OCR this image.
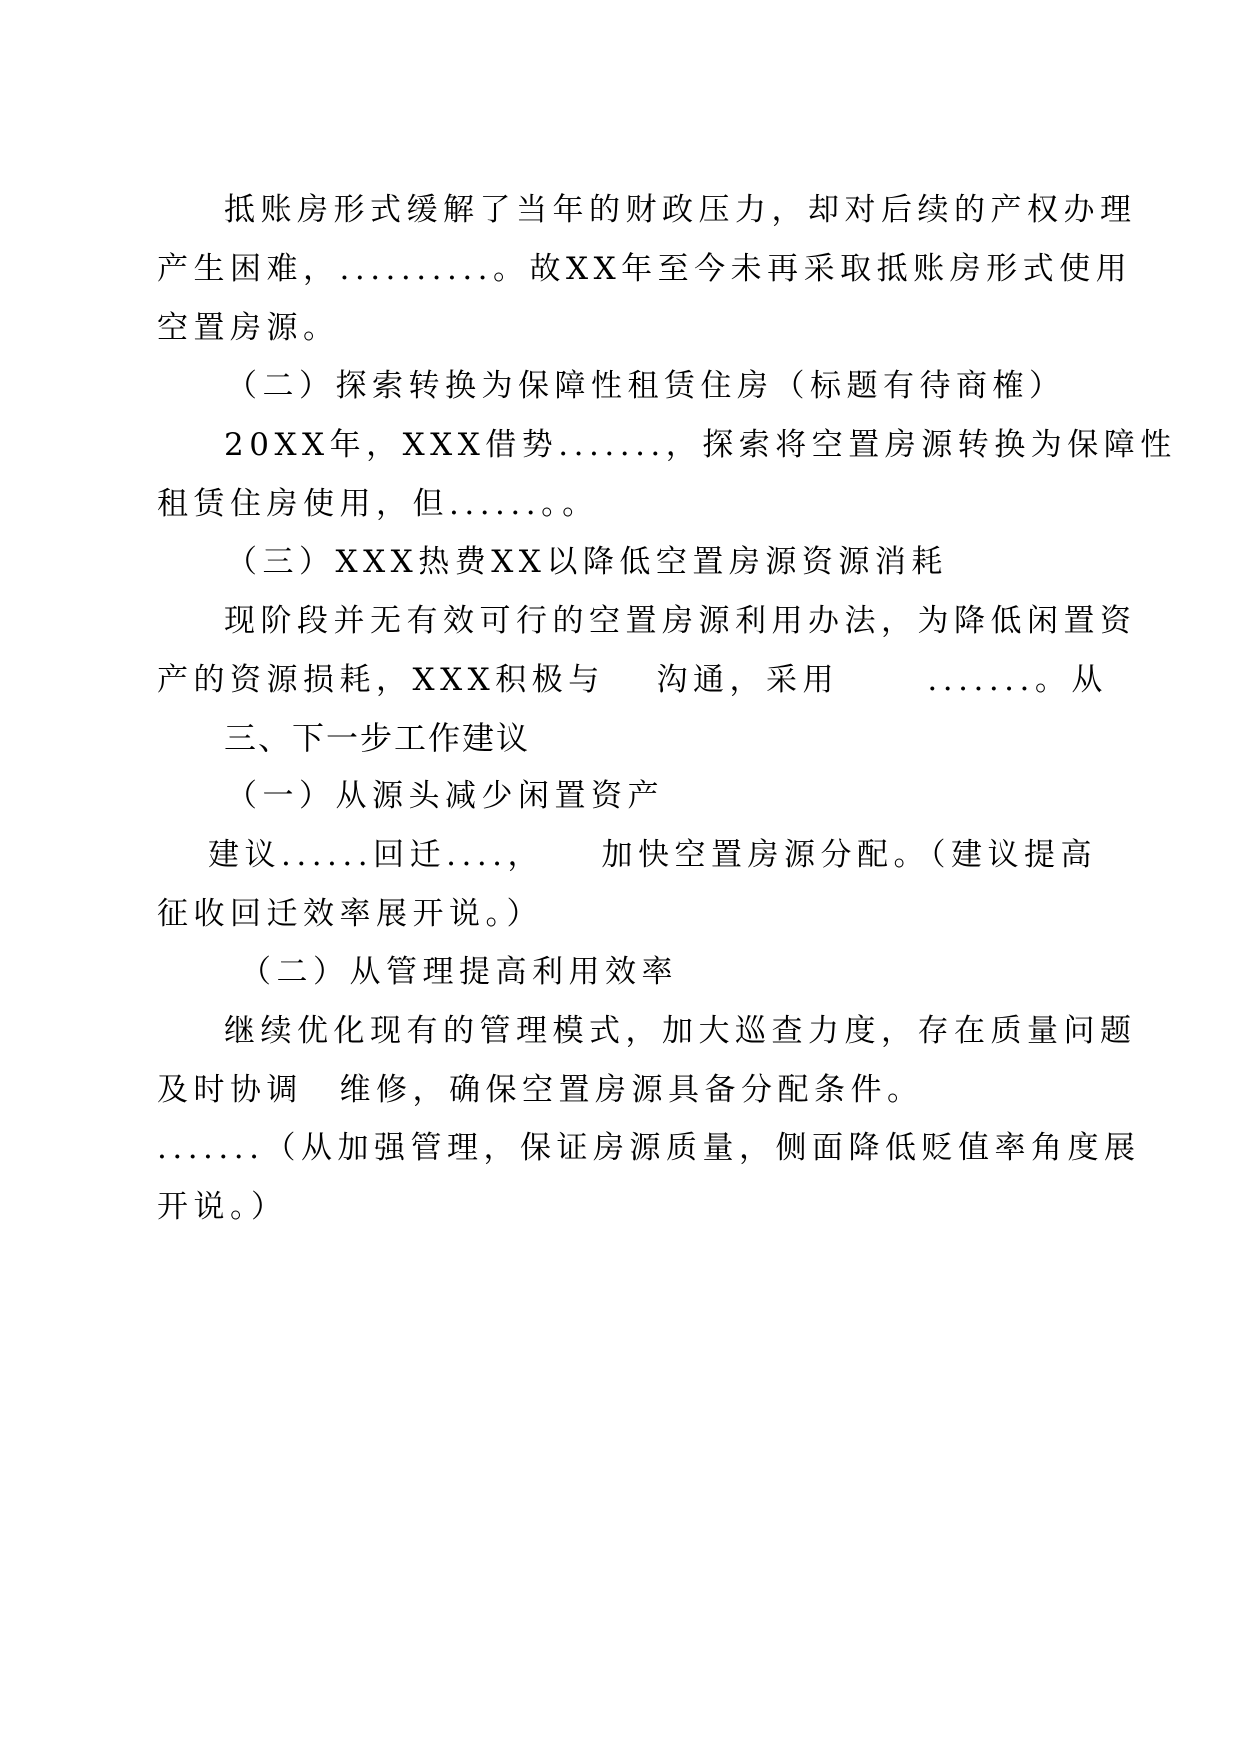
抵账房形式缓解了当年的财政压力，却对后续的产权办理
产生困难，..........。故XX年至今未再采取抵账房形式使用
空置房源。
（二）探索转换为保障性租赁住房（标题有待商榷）
20XX年，XXX借势.......，探索将空置房源转换为保障性
租赁住房使用，但......。。
（三）XXX热费XX以降低空置房源资源消耗
现阶段并无有效可行的空置房源利用办法，为降低闲置资
产的资源损耗，XXX积极与　 沟通，采用　　 .......。从
三、下一步工作建议
（一）从源头减少闲置资产
建议......回迁....，　　加快空置房源分配。（建议提高
征收回迁效率展开说。）
（二）从管理提高利用效率
继续优化现有的管理模式，加大巡查力度，存在质量问题
及时协调　维修，确保空置房源具备分配条件。
.......（从加强管理，保证房源质量，侧面降低贬值率角度展
开说。）
